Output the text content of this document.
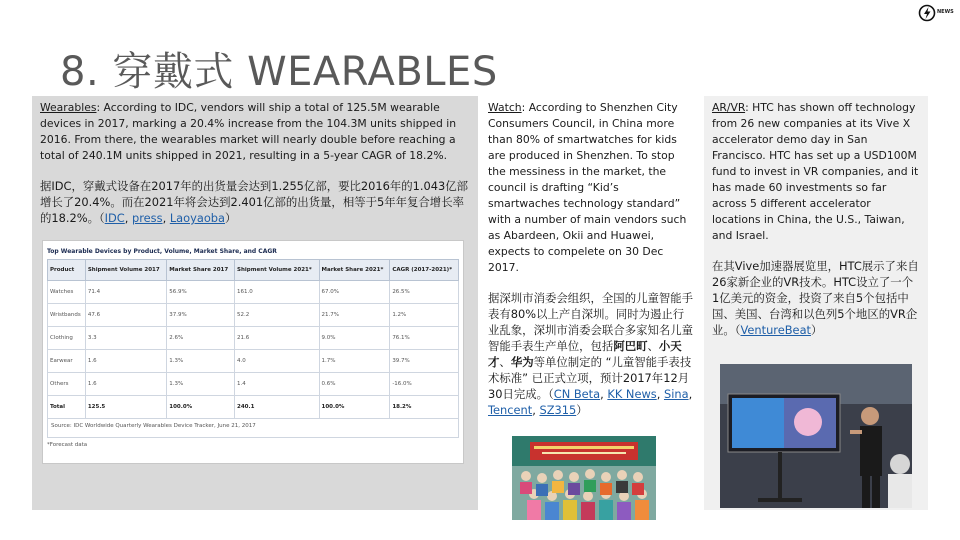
8. 穿戴式 WEARABLES
NEWS

Wearables: According to IDC, vendors will ship a total of 125.5M wearable devices in 2017, marking a 20.4% increase from the 104.3M units shipped in 2016. From there, the wearables market will nearly double before reaching a total of 240.1M units shipped in 2021, resulting in a 5-year CAGR of 18.2%.

据IDC，穿戴式设备在2017年的出货量会达到1.255亿部，要比2016年的1.043亿部增长了20.4%。而在2021年将会达到2.401亿部的出货量，相等于5年年复合增长率的18.2%。（IDC, press, Laoyaoba）

Top Wearable Devices by Product, Volume, Market Share, and CAGR
Product	Shipment Volume 2017	Market Share 2017	Shipment Volume 2021*	Market Share 2021*	CAGR (2017-2021)*
Watches	71.4	56.9%	161.0	67.0%	26.5%
Wristbands	47.6	37.9%	52.2	21.7%	1.2%
Clothing	3.3	2.6%	21.6	9.0%	76.1%
Earwear	1.6	1.3%	4.0	1.7%	39.7%
Others	1.6	1.3%	1.4	0.6%	-16.0%
Total	125.5	100.0%	240.1	100.0%	18.2%
Source: IDC Worldwide Quarterly Wearables Device Tracker, June 21, 2017
*Forecast data

Watch: According to Shenzhen City Consumers Council, in China more than 80% of smartwatches for kids are produced in Shenzhen. To stop the messiness in the market, the council is drafting “Kid’s smartwaches technology standard” with a number of main vendors such as Abardeen, Okii and Huawei, expects to compelete on 30 Dec 2017.

据深圳市消委会组织，全国的儿童智能手表有80%以上产自深圳。同时为遏止行业乱象，深圳市消委会联合多家知名儿童智能手表生产单位，包括阿巴町、小天才、华为等单位制定的 “儿童智能手表技术标准” 已正式立项，预计2017年12月30日完成。（CN Beta, KK News, Sina, Tencent, SZ315）

AR/VR: HTC has shown off technology from 26 new companies at its Vive X accelerator demo day in San Francisco. HTC has set up a USD100M fund to invest in VR companies, and it has made 60 investments so far across 5 different accelerator locations in China, the U.S., Taiwan, and Israel.

在其Vive加速器展览里，HTC展示了来自26家新企业的VR技术。HTC设立了一个1亿美元的资金，投资了来自5个包括中国、美国、台湾和以色列5个地区的VR企业。（VentureBeat）
